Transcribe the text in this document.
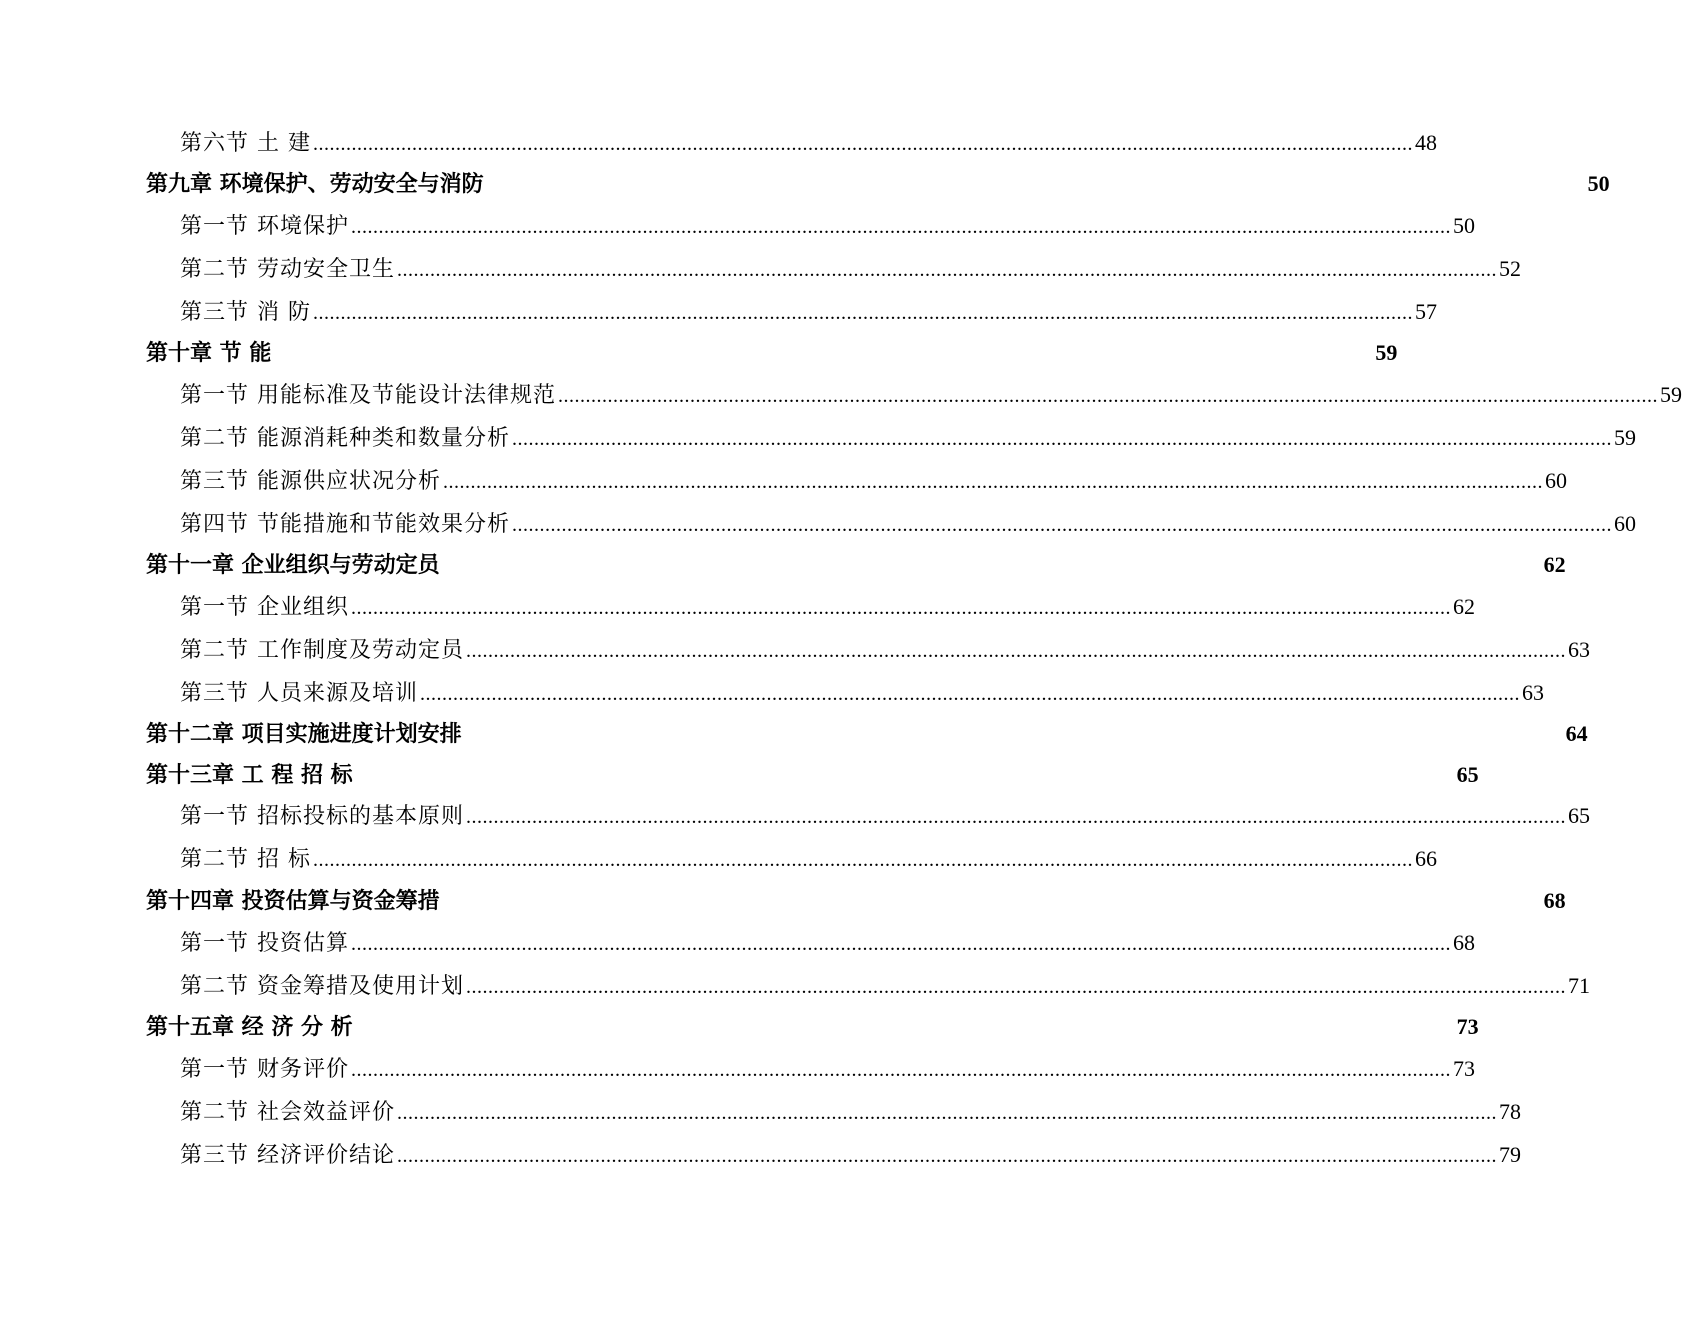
第六节 土 建 ........................................................................................................................................................................................................ 48
第九章 环境保护、劳动安全与消防	50
第一节 环境保护 ........................................................................................................................................................................................................ 50
第二节 劳动安全卫生 ........................................................................................................................................................................................................ 52
第三节 消 防 ........................................................................................................................................................................................................ 57
第十章 节 能	59
第一节 用能标准及节能设计法律规范 ........................................................................................................................................................................................................ 59
第二节 能源消耗种类和数量分析 ........................................................................................................................................................................................................ 59
第三节 能源供应状况分析 ........................................................................................................................................................................................................ 60
第四节 节能措施和节能效果分析 ........................................................................................................................................................................................................ 60
第十一章 企业组织与劳动定员	62
第一节 企业组织 ........................................................................................................................................................................................................ 62
第二节 工作制度及劳动定员 ........................................................................................................................................................................................................ 63
第三节 人员来源及培训 ........................................................................................................................................................................................................ 63
第十二章 项目实施进度计划安排	64
第十三章 工 程 招 标	65
第一节 招标投标的基本原则 ........................................................................................................................................................................................................ 65
第二节 招 标 ........................................................................................................................................................................................................ 66
第十四章 投资估算与资金筹措	68
第一节 投资估算 ........................................................................................................................................................................................................ 68
第二节 资金筹措及使用计划 ........................................................................................................................................................................................................ 71
第十五章 经 济 分 析	73
第一节 财务评价 ........................................................................................................................................................................................................ 73
第二节 社会效益评价 ........................................................................................................................................................................................................ 78
第三节 经济评价结论 ........................................................................................................................................................................................................ 79
